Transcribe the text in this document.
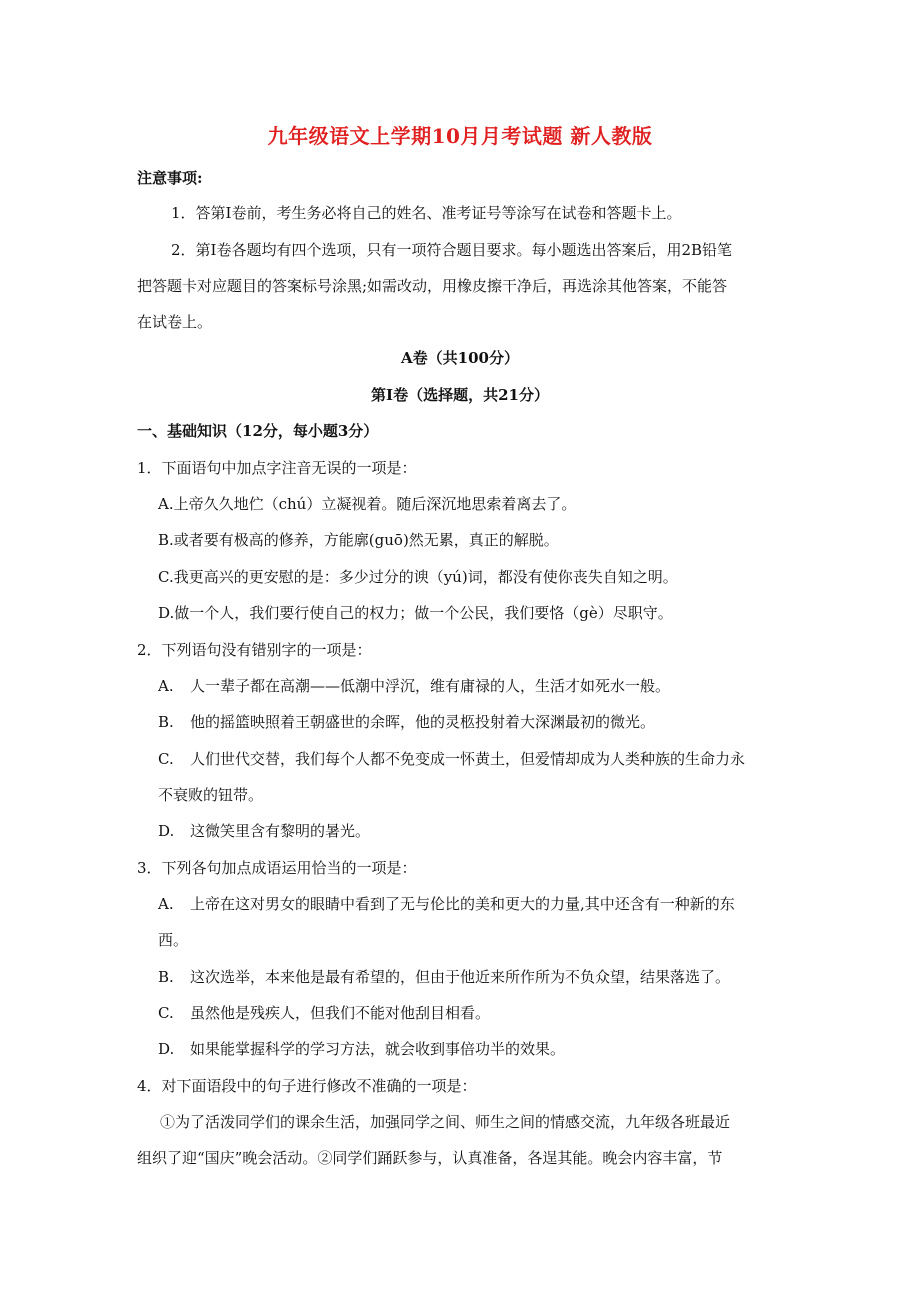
九年级语文上学期10月月考试题 新人教版
注意事项:
1．答第Ⅰ卷前，考生务必将自己的姓名、准考证号等涂写在试卷和答题卡上。
2．第Ⅰ卷各题均有四个选项，只有一项符合题目要求。每小题选出答案后，用2B铅笔
把答题卡对应题目的答案标号涂黑;如需改动，用橡皮擦干净后，再选涂其他答案，不能答
在试卷上。
A卷（共100分）
第Ⅰ卷（选择题，共21分）
一、基础知识（12分，每小题3分）
1．下面语句中加点字注音无误的一项是：
A.上帝久久地伫（chú）立凝视着。随后深沉地思索着离去了。
B.或者要有极高的修养，方能廓(guō)然无累，真正的解脱。
C.我更高兴的更安慰的是：多少过分的谀（yú)词，都没有使你丧失自知之明。
D.做一个人，我们要行使自己的权力；做一个公民，我们要恪（gè）尽职守。
2．下列语句没有错别字的一项是：
A. 人一辈子都在高潮——低潮中浮沉，维有庸禄的人，生活才如死水一般。
B. 他的摇篮映照着王朝盛世的余晖，他的灵柩投射着大深渊最初的微光。
C. 人们世代交替，我们每个人都不免变成一怀黄土，但爱情却成为人类种族的生命力永
不衰败的钮带。
D. 这微笑里含有黎明的暑光。
3．下列各句加点成语运用恰当的一项是：
A. 上帝在这对男女的眼睛中看到了无与伦比的美和更大的力量,其中还含有一种新的东
西。
B. 这次选举，本来他是最有希望的，但由于他近来所作所为不负众望，结果落选了。
C. 虽然他是残疾人，但我们不能对他刮目相看。
D. 如果能掌握科学的学习方法，就会收到事倍功半的效果。
4．对下面语段中的句子进行修改不准确的一项是：
①为了活泼同学们的课余生活，加强同学之间、师生之间的情感交流，九年级各班最近
组织了迎“国庆”晚会活动。②同学们踊跃参与，认真准备，各逞其能。晚会内容丰富，节
